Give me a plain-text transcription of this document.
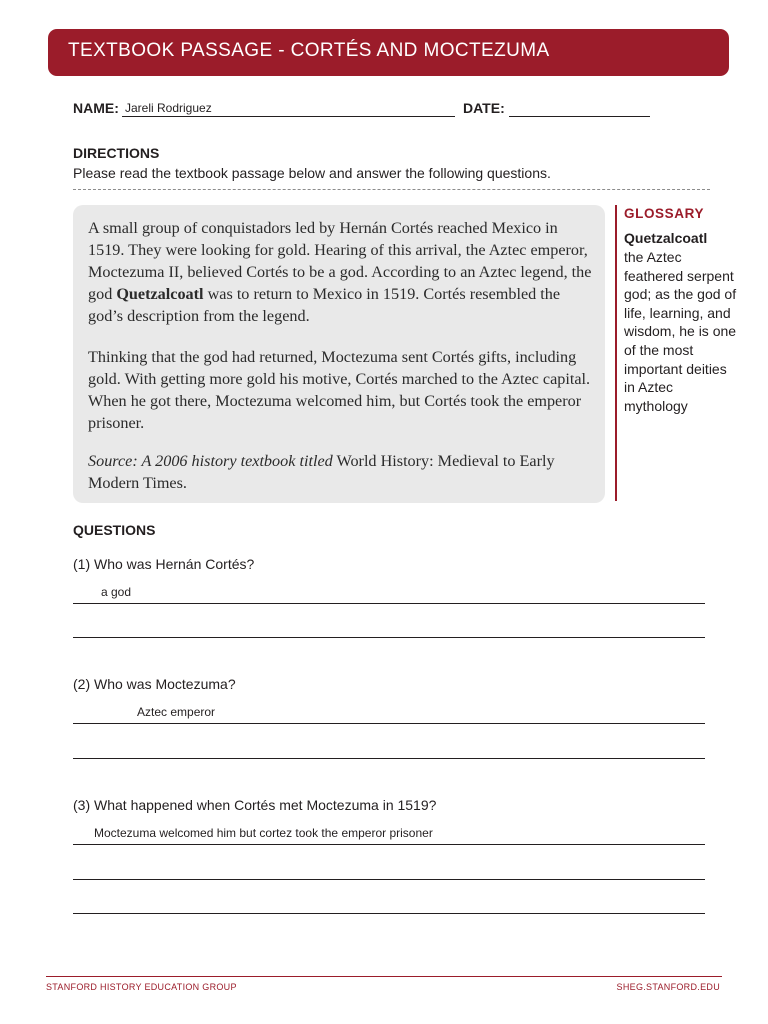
TEXTBOOK PASSAGE - CORTÉS AND MOCTEZUMA
NAME: Jareli Rodriguez	DATE:
DIRECTIONS
Please read the textbook passage below and answer the following questions.

A small group of conquistadors led by Hernán Cortés reached Mexico in 1519. They were looking for gold. Hearing of this arrival, the Aztec emperor, Moctezuma II, believed Cortés to be a god. According to an Aztec legend, the god Quetzalcoatl was to return to Mexico in 1519. Cortés resembled the god’s description from the legend.

Thinking that the god had returned, Moctezuma sent Cortés gifts, including gold. With getting more gold his motive, Cortés marched to the Aztec capital. When he got there, Moctezuma welcomed him, but Cortés took the emperor prisoner.

Source: A 2006 history textbook titled World History: Medieval to Early Modern Times.

GLOSSARY
Quetzalcoatl
the Aztec feathered serpent god; as the god of life, learning, and wisdom, he is one of the most important deities in Aztec mythology
QUESTIONS
(1) Who was Hernán Cortés?
a god
(2) Who was Moctezuma?
Aztec emperor
(3) What happened when Cortés met Moctezuma in 1519?
Moctezuma welcomed him but cortez took the emperor prisoner
STANFORD HISTORY EDUCATION GROUP	SHEG.STANFORD.EDU
